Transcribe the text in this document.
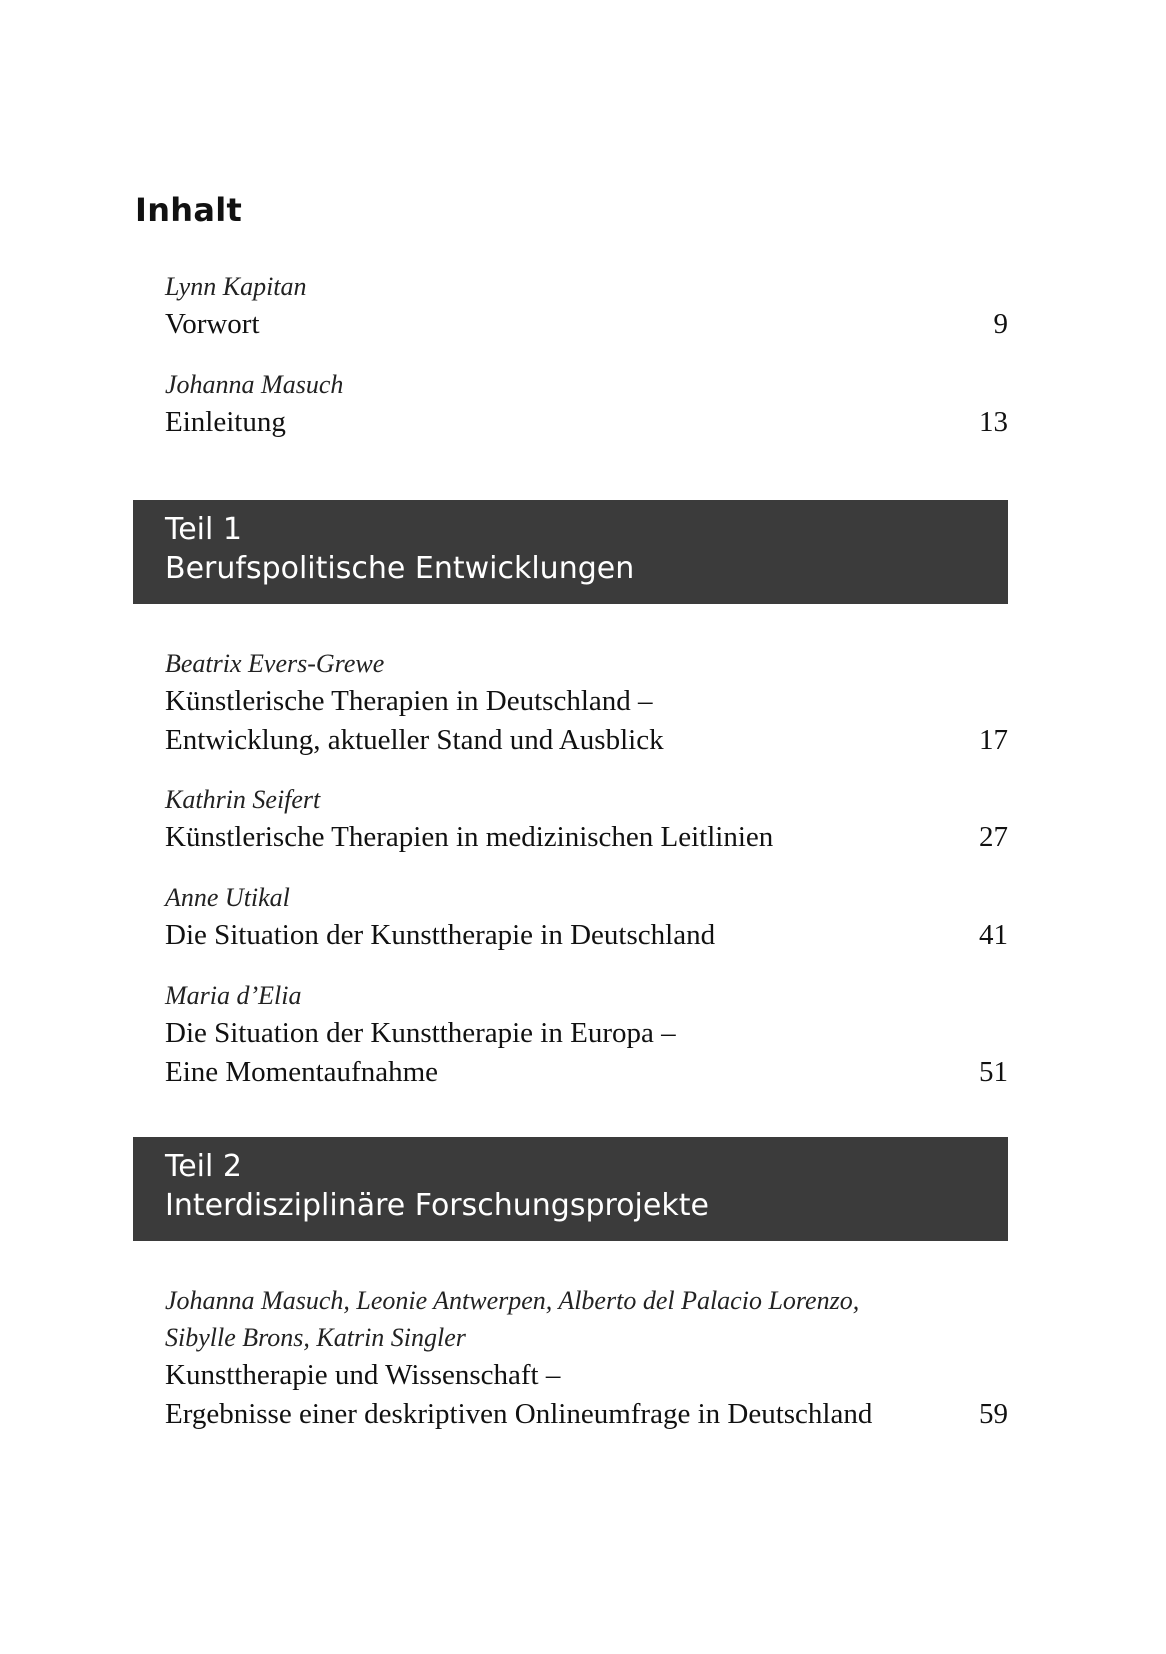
Inhalt
Lynn Kapitan
Vorwort	9
Johanna Masuch
Einleitung	13
Teil 1
Berufspolitische Entwicklungen
Beatrix Evers-Grewe
Künstlerische Therapien in Deutschland –
Entwicklung, aktueller Stand und Ausblick	17
Kathrin Seifert
Künstlerische Therapien in medizinischen Leitlinien	27
Anne Utikal
Die Situation der Kunsttherapie in Deutschland	41
Maria d’Elia
Die Situation der Kunsttherapie in Europa –
Eine Momentaufnahme	51
Teil 2
Interdisziplinäre Forschungsprojekte
Johanna Masuch, Leonie Antwerpen, Alberto del Palacio Lorenzo,
Sibylle Brons, Katrin Singler
Kunsttherapie und Wissenschaft –
Ergebnisse einer deskriptiven Onlineumfrage in Deutschland	59
